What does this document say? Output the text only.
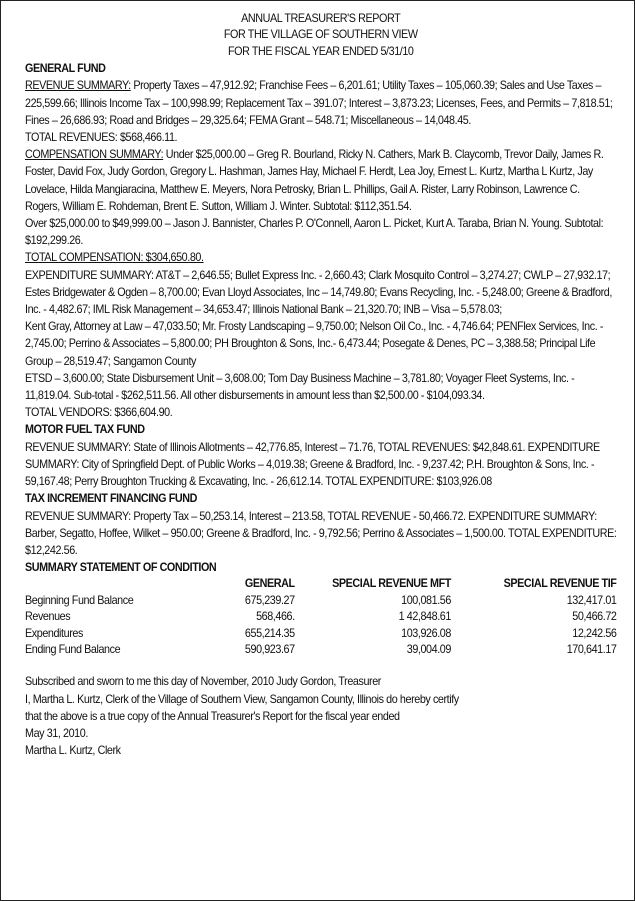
ANNUAL TREASURER'S REPORT
FOR THE VILLAGE OF SOUTHERN VIEW
FOR THE FISCAL YEAR ENDED 5/31/10

GENERAL FUND

REVENUE SUMMARY: Property Taxes – 47,912.92; Franchise Fees – 6,201.61; Utility Taxes – 105,060.39; Sales and Use Taxes – 225,599.66; Illinois Income Tax – 100,998.99; Replacement Tax – 391.07; Interest – 3,873.23; Licenses, Fees, and Permits – 7,818.51; Fines – 26,686.93; Road and Bridges – 29,325.64; FEMA Grant – 548.71; Miscellaneous – 14,048.45.

TOTAL REVENUES: $568,466.11.

COMPENSATION SUMMARY: Under $25,000.00 – Greg R. Bourland, Ricky N. Cathers, Mark B. Claycomb, Trevor Daily, James R. Foster, David Fox, Judy Gordon, Gregory L. Hashman, James Hay, Michael F. Herdt, Lea Joy, Ernest L. Kurtz, Martha L Kurtz, Jay Lovelace, Hilda Mangiaracina, Matthew E. Meyers, Nora Petrosky, Brian L. Phillips, Gail A. Rister, Larry Robinson, Lawrence C.

Rogers, William E. Rohdeman, Brent E. Sutton, William J. Winter. Subtotal: $112,351.54.

Over $25,000.00 to $49,999.00 – Jason J. Bannister, Charles P. O'Connell, Aaron L. Picket, Kurt A. Taraba, Brian N. Young. Subtotal: $192,299.26.

TOTAL COMPENSATION: $304,650.80.

EXPENDITURE SUMMARY: AT&T – 2,646.55; Bullet Express Inc. - 2,660.43; Clark Mosquito Control – 3,274.27; CWLP – 27,932.17; Estes Bridgewater & Ogden – 8,700.00; Evan Lloyd Associates, Inc – 14,749.80; Evans Recycling, Inc. - 5,248.00; Greene & Bradford, Inc. - 4,482.67; IML Risk Management – 34,653.47; Illinois National Bank – 21,320.70; INB – Visa – 5,578.03;

Kent Gray, Attorney at Law – 47,033.50; Mr. Frosty Landscaping – 9,750.00; Nelson Oil Co., Inc. - 4,746.64; PENFlex Services, Inc. - 2,745.00; Perrino & Associates – 5,800.00; PH Broughton & Sons, Inc.- 6,473.44; Posegate & Denes, PC – 3,388.58; Principal Life Group – 28,519.47; Sangamon County

ETSD – 3,600.00; State Disbursement Unit – 3,608.00; Tom Day Business Machine – 3,781.80; Voyager Fleet Systems, Inc. - 11,819.04. Sub-total - $262,511.56. All other disbursements in amount less than $2,500.00 - $104,093.34.

TOTAL VENDORS: $366,604.90.

MOTOR FUEL TAX FUND

REVENUE SUMMARY: State of Illinois Allotments – 42,776.85, Interest – 71.76, TOTAL REVENUES: $42,848.61. EXPENDITURE SUMMARY: City of Springfield Dept. of Public Works – 4,019.38; Greene & Bradford, Inc. - 9,237.42; P.H. Broughton & Sons, Inc. - 59,167.48; Perry Broughton Trucking & Excavating, Inc. - 26,612.14. TOTAL EXPENDITURE: $103,926.08

TAX INCREMENT FINANCING FUND

REVENUE SUMMARY: Property Tax – 50,253.14, Interest – 213.58, TOTAL REVENUE - 50,466.72. EXPENDITURE SUMMARY: Barber, Segatto, Hoffee, Wilket – 950.00; Greene & Bradford, Inc. - 9,792.56; Perrino & Associates – 1,500.00. TOTAL EXPENDITURE: $12,242.56.

SUMMARY STATEMENT OF CONDITION

	GENERAL	SPECIAL REVENUE MFT	SPECIAL REVENUE TIF
Beginning Fund Balance	675,239.27	100,081.56	132,417.01
Revenues	568,466.	1 42,848.61	50,466.72
Expenditures	655,214.35	103,926.08	12,242.56
Ending Fund Balance	590,923.67	39,004.09	170,641.17

Subscribed and sworn to me this day of November, 2010 Judy Gordon, Treasurer

I, Martha L. Kurtz, Clerk of the Village of Southern View, Sangamon County, Illinois do hereby certify

that the above is a true copy of the Annual Treasurer's Report for the fiscal year ended

May 31, 2010.

Martha L. Kurtz, Clerk
